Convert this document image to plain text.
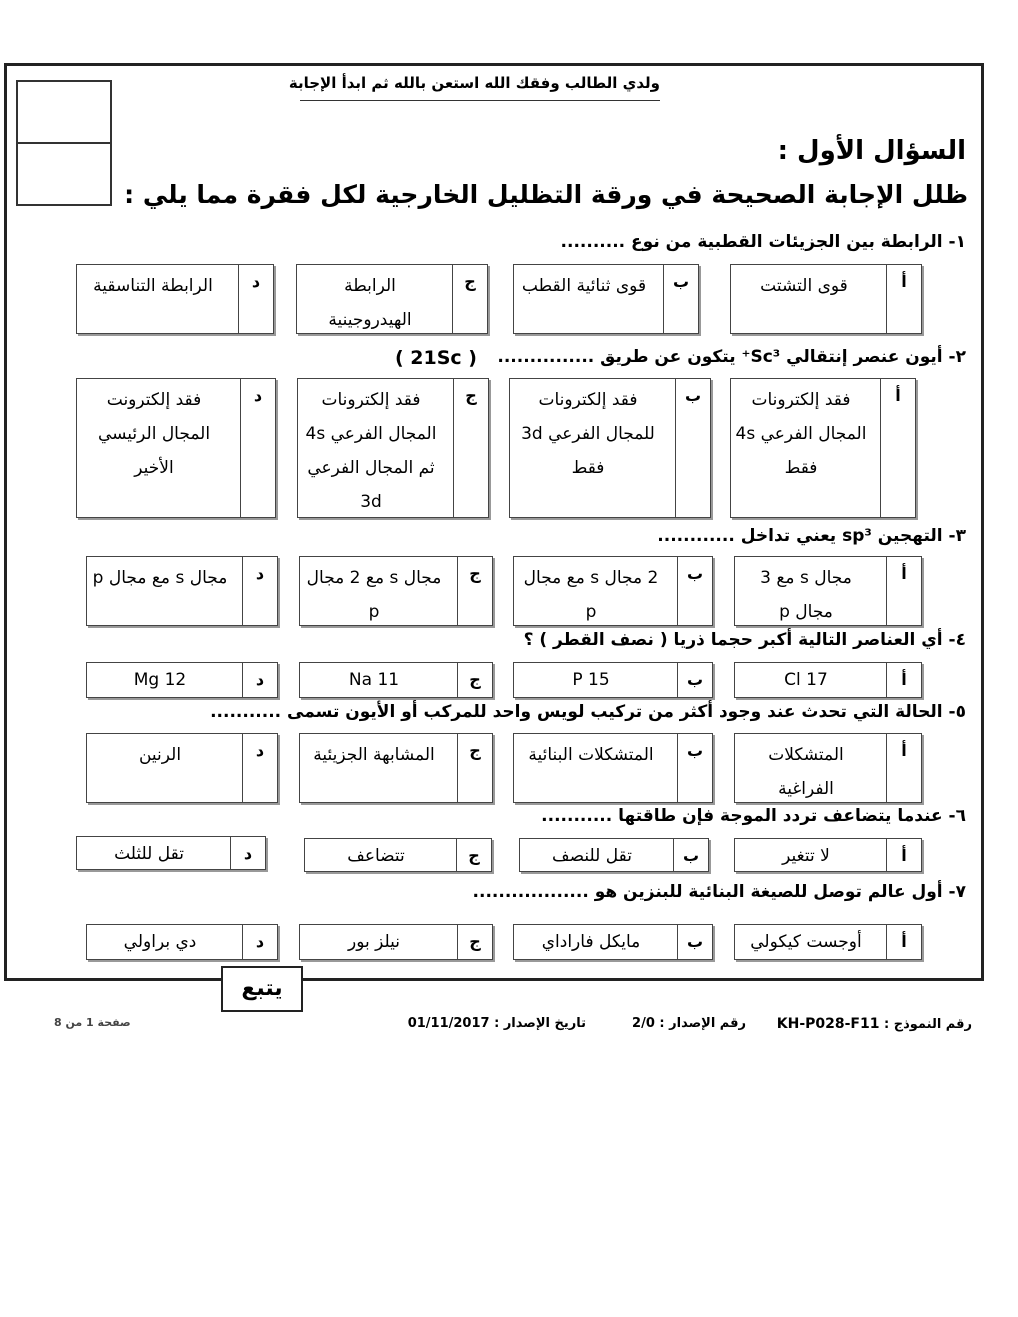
ولدي الطالب وفقك الله استعن بالله ثم ابدأ الإجابة
السؤال الأول :
ظلل الإجابة الصحيحة في ورقة التظليل الخارجية لكل فقرة مما يلي :
١- الرابطة بين الجزيئات القطبية من نوع ..........
أ
قوى التشتت
ب
قوى ثنائية القطب
ج
الرابطة الهيدروجينية
د
الرابطة التناسقية
٢- أيون عنصر إنتقالي Sc³⁺ يتكون عن طريق ...............
( 21Sc )
أ
فقد إلكترونات المجال الفرعي 4s فقط
ب
فقد إلكترونات للمجال الفرعي 3d فقط
ج
فقد إلكترونات المجال الفرعي 4s ثم المجال الفرعي 3d
د
فقد إلكترونت المجال الرئيسي الأخير
٣- التهجين sp³ يعني تداخل ............
أ
مجال s مع 3 مجال p
ب
2 مجال s مع مجال p
ج
مجال s مع 2 مجال p
د
مجال s مع مجال p
٤- أي العناصر التالية أكبر حجما ذريا ( نصف القطر ) ؟
أ
17 Cl
ب
15 P
ج
11 Na
د
12 Mg
٥- الحالة التي تحدث عند وجود أكثر من تركيب لويس واحد للمركب أو الأيون تسمى ...........
أ
المتشكلات الفراغية
ب
المتشكلات البنائية
ج
المشابهة الجزيئية
د
الرنين
٦- عندما يتضاعف تردد الموجة فإن طاقتها ...........
أ
لا تتغير
ب
تقل للنصف
ج
تتضاعف
د
تقل للثلث
٧- أول عالم توصل للصيغة البنائية للبنزين هو ..................
أ
أوجست كيكولي
ب
مايكل فاراداي
ج
نيلز بور
د
دي براولي
يتبع
رقم النموذج : KH-P028-F11
رقم الإصدار : 2/0
تاريخ الإصدار : 01/11/2017
صفحة 1 من 8
